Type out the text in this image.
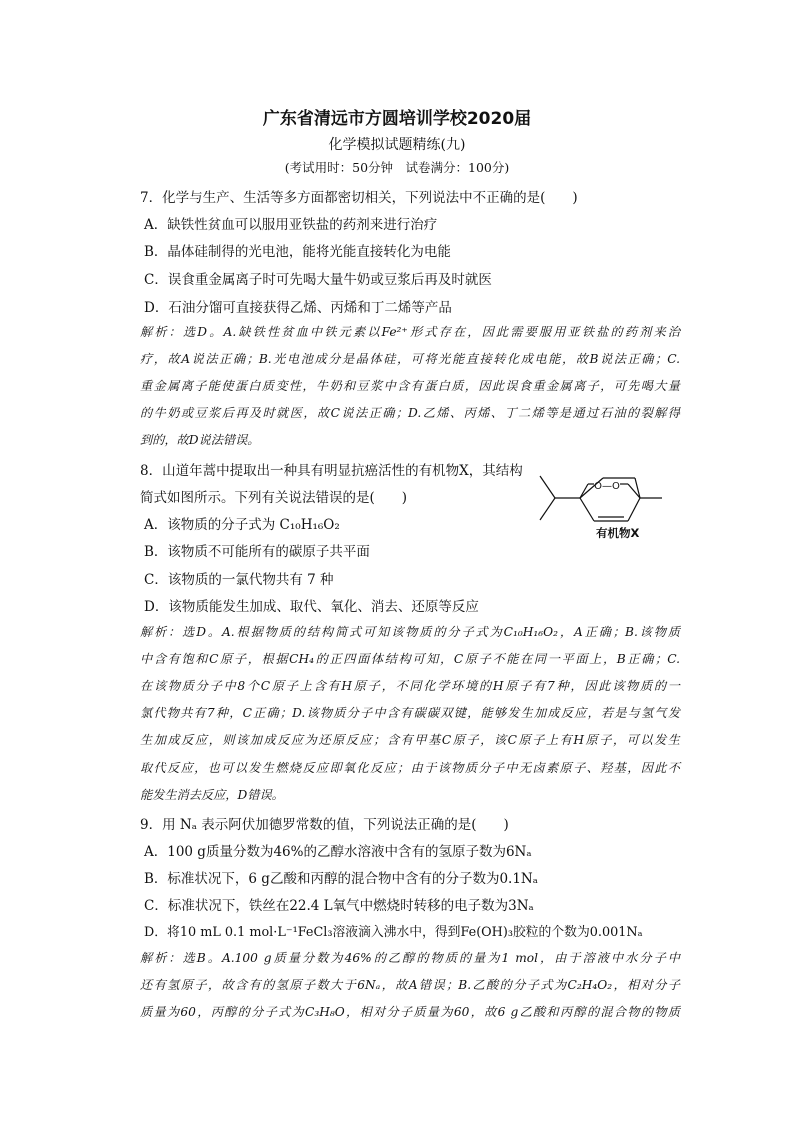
广东省清远市方圆培训学校2020届
化学模拟试题精练(九)
(考试用时：50分钟　试卷满分：100分)
7．化学与生产、生活等多方面都密切相关，下列说法中不正确的是(　　)
A．缺铁性贫血可以服用亚铁盐的药剂来进行治疗
B．晶体硅制得的光电池，能将光能直接转化为电能
C．误食重金属离子时可先喝大量牛奶或豆浆后再及时就医
D．石油分馏可直接获得乙烯、丙烯和丁二烯等产品
解析：选D。A.缺铁性贫血中铁元素以Fe²⁺形式存在，因此需要服用亚铁盐的药剂来治
疗，故A说法正确；B.光电池成分是晶体硅，可将光能直接转化成电能，故B说法正确；C.
重金属离子能使蛋白质变性，牛奶和豆浆中含有蛋白质，因此误食重金属离子，可先喝大量
的牛奶或豆浆后再及时就医，故C说法正确；D.乙烯、丙烯、丁二烯等是通过石油的裂解得
到的，故D说法错误。
8．山道年蒿中提取出一种具有明显抗癌活性的有机物X，其结构
简式如图所示。下列有关说法错误的是(　　)
O—O
有机物X
A．该物质的分子式为 C₁₀H₁₆O₂
B．该物质不可能所有的碳原子共平面
C．该物质的一氯代物共有 7 种
D．该物质能发生加成、取代、氧化、消去、还原等反应
解析：选D。A.根据物质的结构简式可知该物质的分子式为C₁₀H₁₆O₂，A正确；B.该物质
中含有饱和C原子，根据CH₄的正四面体结构可知，C原子不能在同一平面上，B正确；C.
在该物质分子中8个C原子上含有H原子，不同化学环境的H原子有7种，因此该物质的一
氯代物共有7种，C正确；D.该物质分子中含有碳碳双键，能够发生加成反应，若是与氢气发
生加成反应，则该加成反应为还原反应；含有甲基C原子，该C原子上有H原子，可以发生
取代反应，也可以发生燃烧反应即氧化反应；由于该物质分子中无卤素原子、羟基，因此不
能发生消去反应，D错误。
9．用 Nₐ 表示阿伏加德罗常数的值，下列说法正确的是(　　)
A．100 g质量分数为46%的乙醇水溶液中含有的氢原子数为6Nₐ
B．标准状况下，6 g乙酸和丙醇的混合物中含有的分子数为0.1Nₐ
C．标准状况下，铁丝在22.4 L氧气中燃烧时转移的电子数为3Nₐ
D．将10 mL 0.1 mol·L⁻¹FeCl₃溶液滴入沸水中，得到Fe(OH)₃胶粒的个数为0.001Nₐ
解析：选B。A.100 g质量分数为46%的乙醇的物质的量为1 mol，由于溶液中水分子中
还有氢原子，故含有的氢原子数大于6Nₐ，故A错误；B.乙酸的分子式为C₂H₄O₂，相对分子
质量为60，丙醇的分子式为C₃H₈O，相对分子质量为60，故6 g乙酸和丙醇的混合物的物质
